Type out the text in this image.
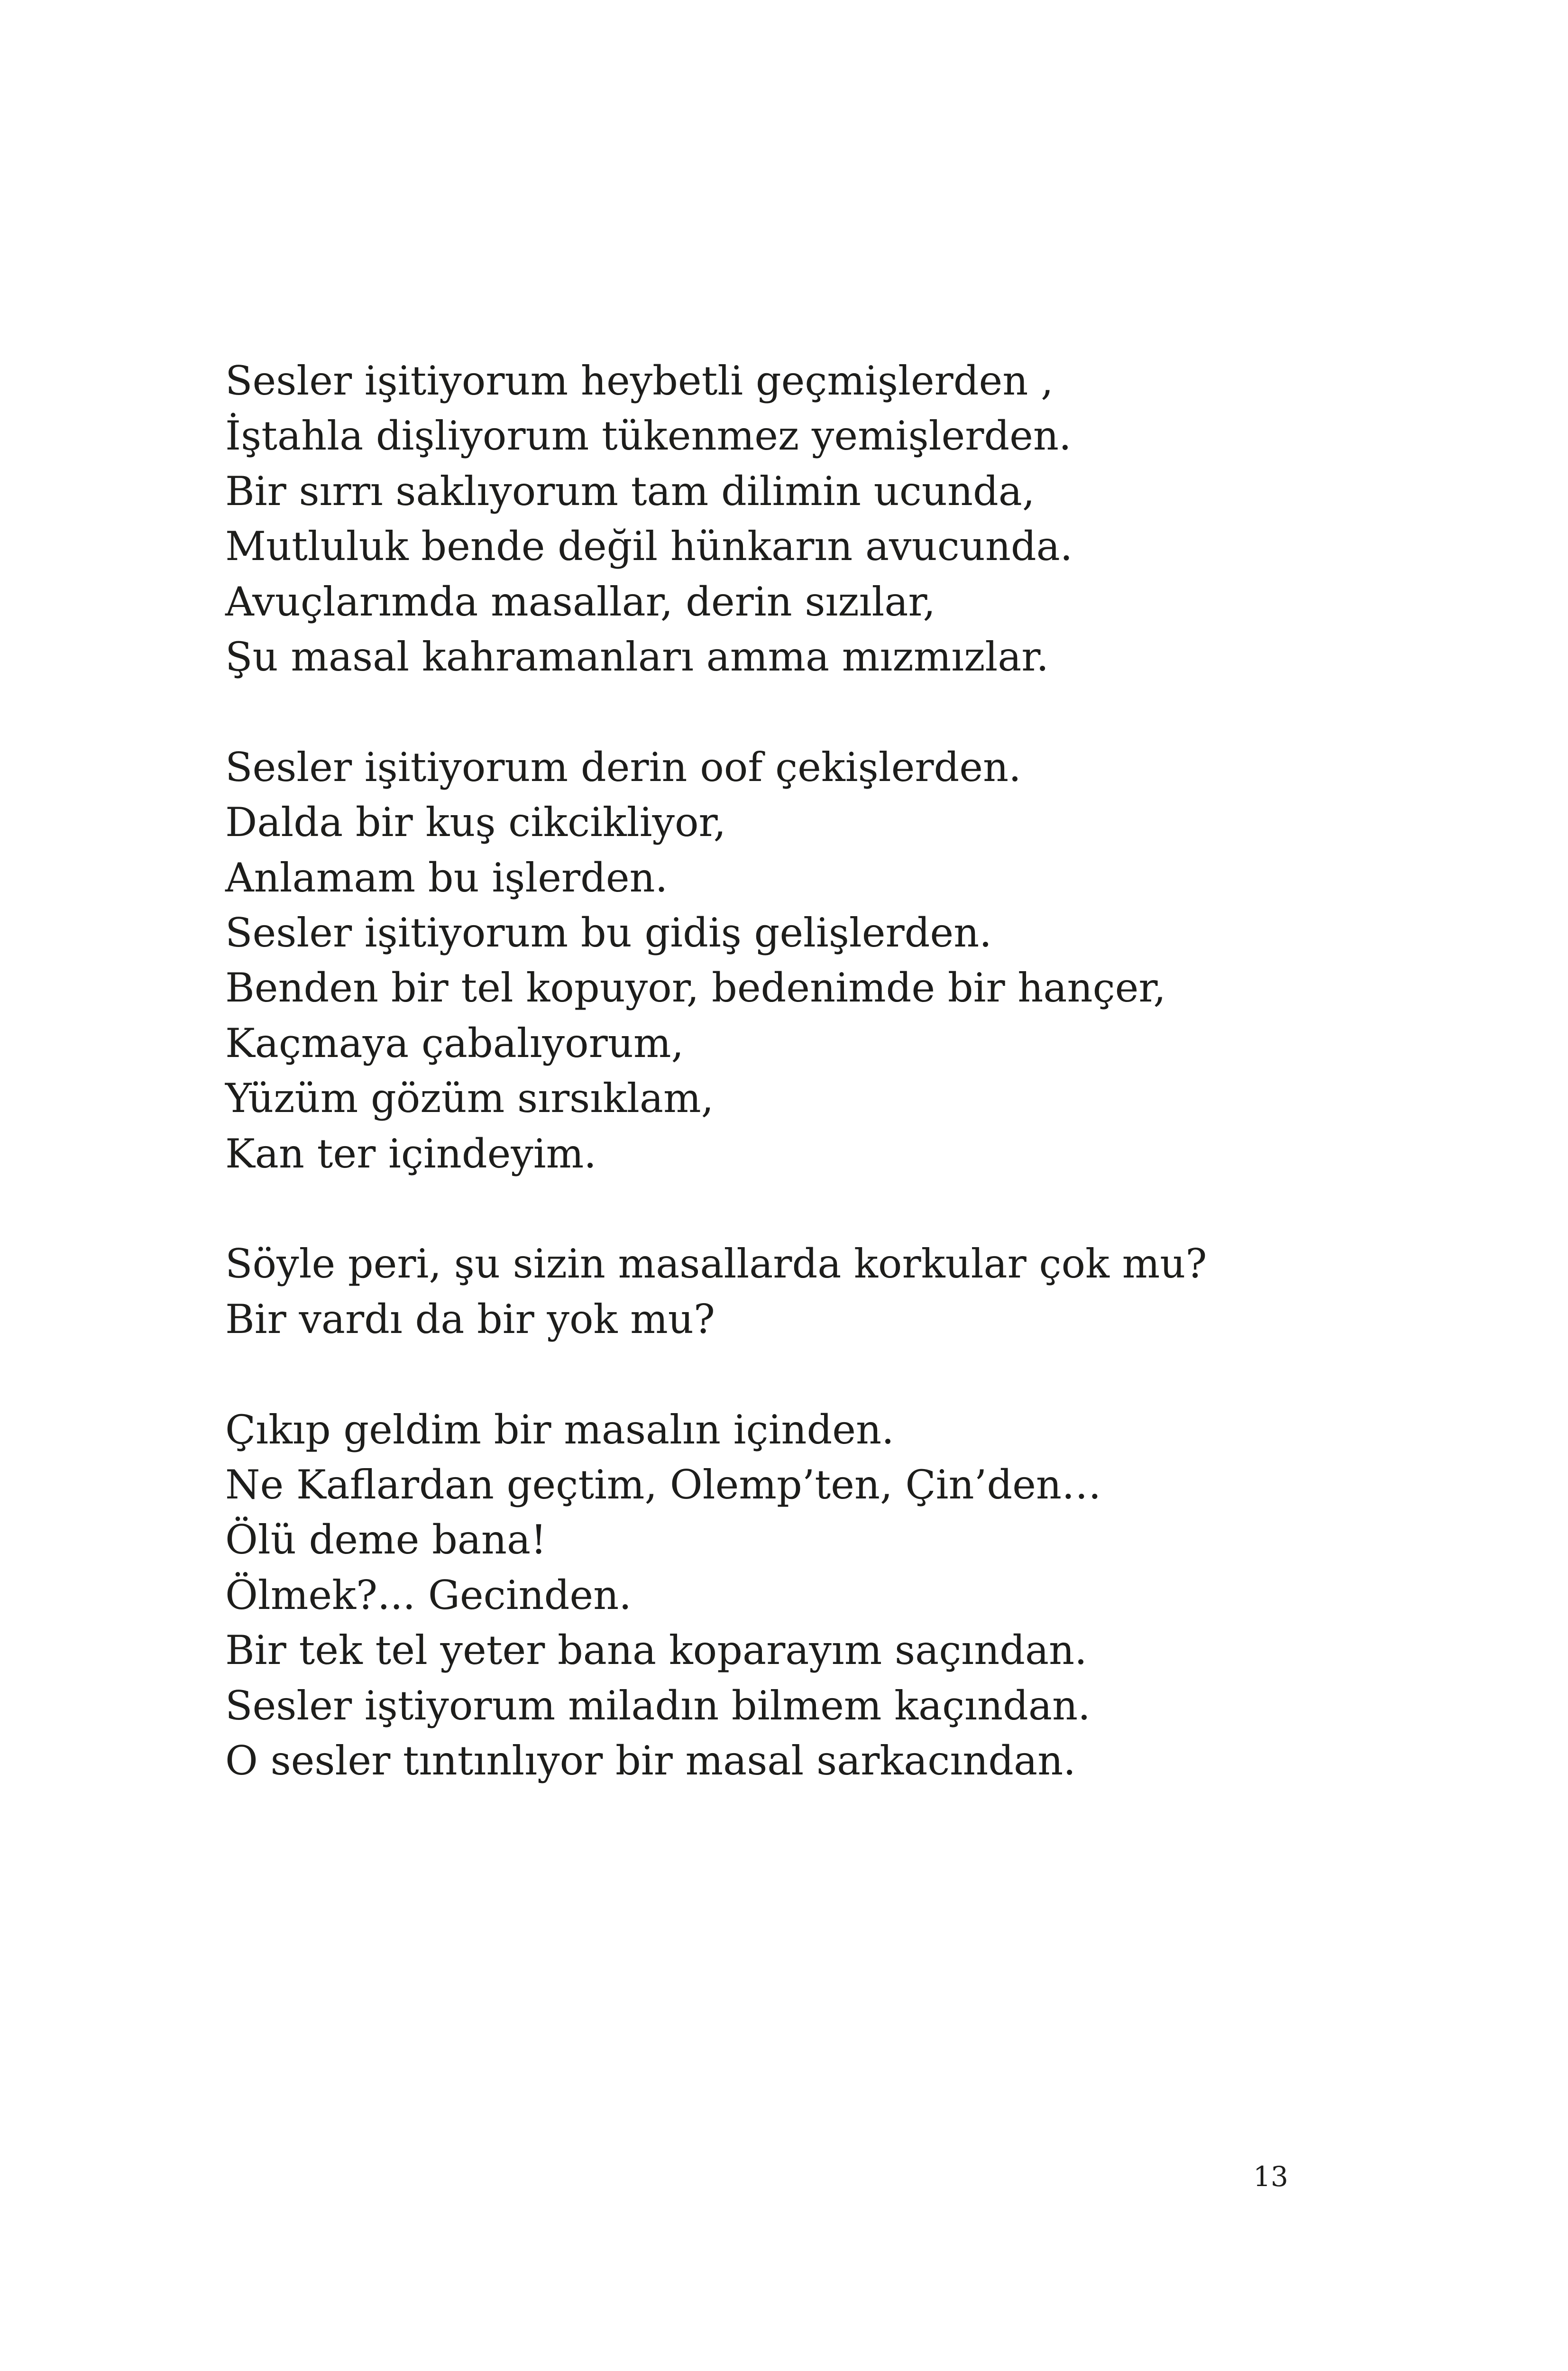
Sesler işitiyorum heybetli geçmişlerden ,
İştahla dişliyorum tükenmez yemişlerden.
Bir sırrı saklıyorum tam dilimin ucunda,
Mutluluk bende değil hünkarın avucunda.
Avuçlarımda masallar, derin sızılar,
Şu masal kahramanları amma mızmızlar.
Sesler işitiyorum derin oof çekişlerden.
Dalda bir kuş cikcikliyor,
Anlamam bu işlerden.
Sesler işitiyorum bu gidiş gelişlerden.
Benden bir tel kopuyor, bedenimde bir hançer,
Kaçmaya çabalıyorum,
Yüzüm gözüm sırsıklam,
Kan ter içindeyim.
Söyle peri, şu sizin masallarda korkular çok mu?
Bir vardı da bir yok mu?
Çıkıp geldim bir masalın içinden.
Ne Kaflardan geçtim, Olemp’ten, Çin’den…
Ölü deme bana!
Ölmek?... Gecinden.
Bir tek tel yeter bana koparayım saçından.
Sesler iştiyorum miladın bilmem kaçından.
O sesler tıntınlıyor bir masal sarkacından.
13
